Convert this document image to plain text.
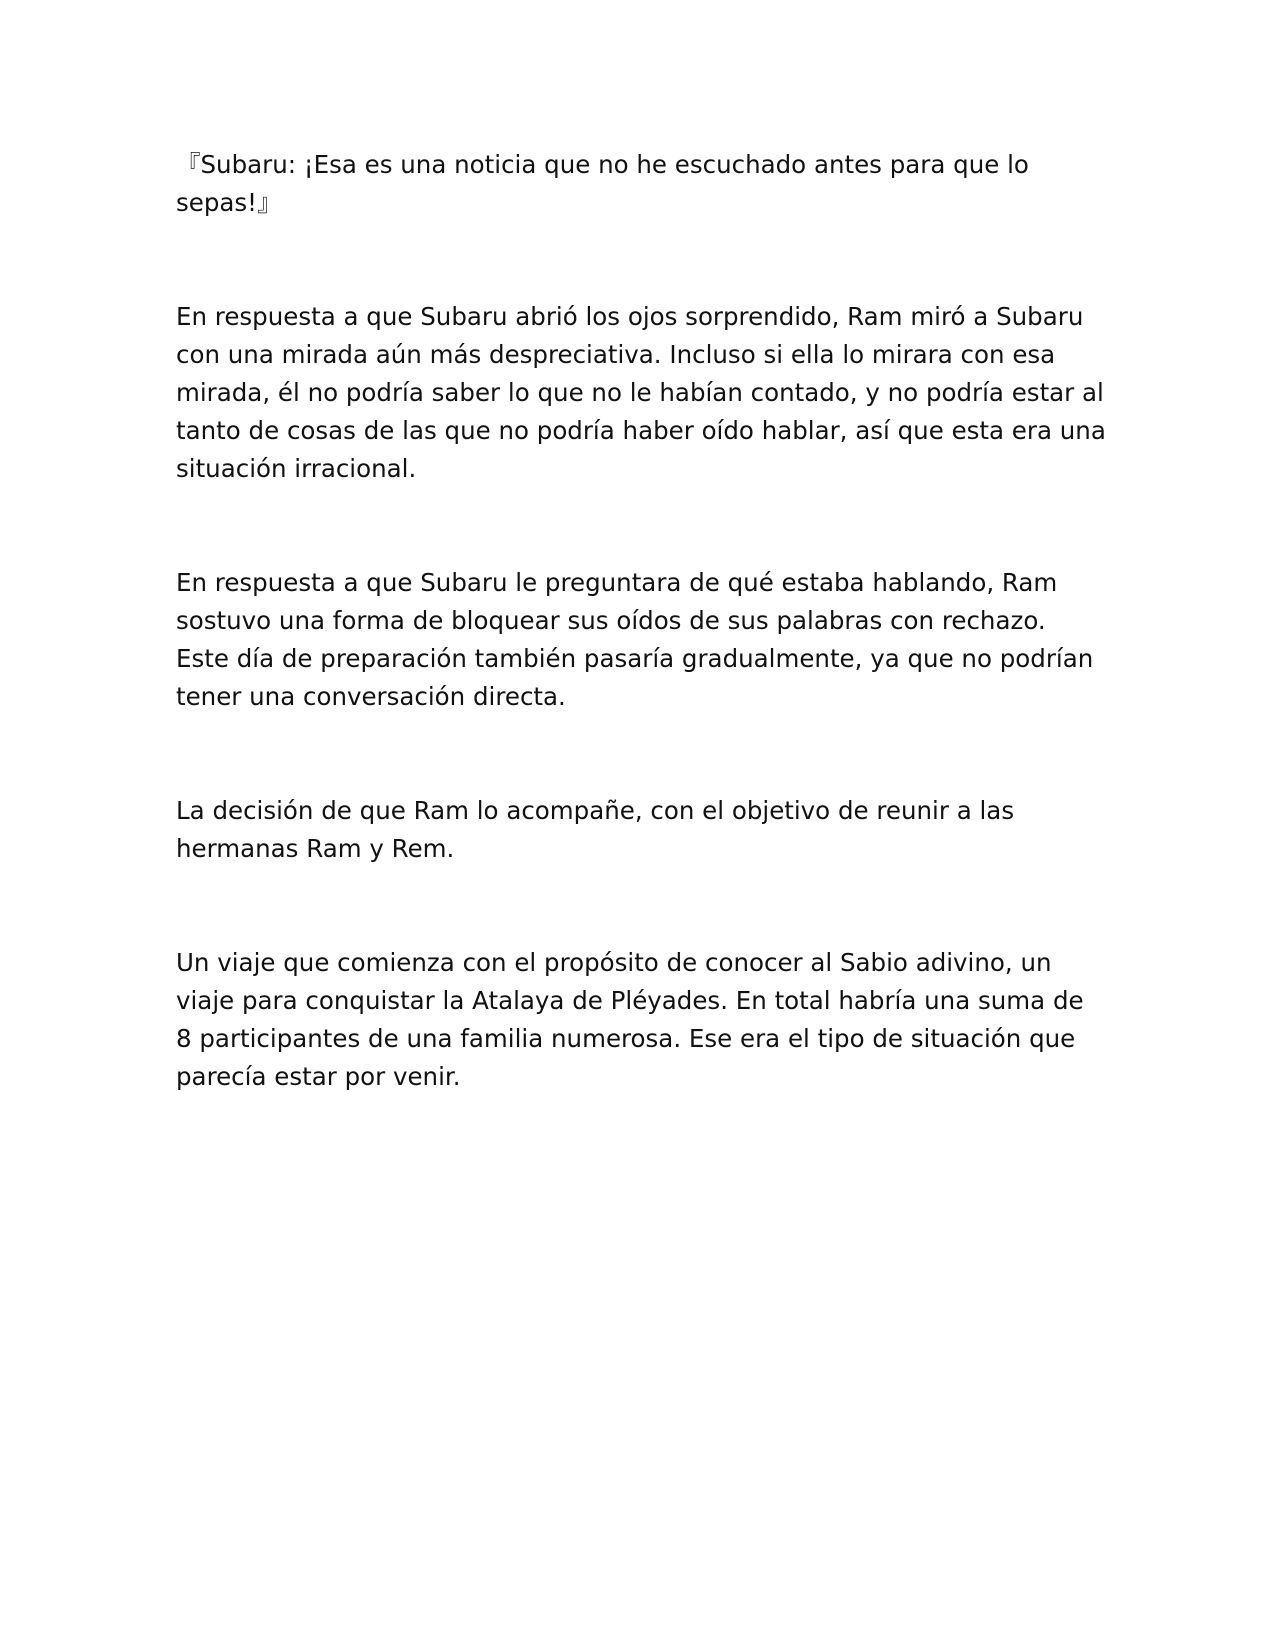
『Subaru: ¡Esa es una noticia que no he escuchado antes para que lo sepas!』

En respuesta a que Subaru abrió los ojos sorprendido, Ram miró a Subaru con una mirada aún más despreciativa. Incluso si ella lo mirara con esa mirada, él no podría saber lo que no le habían contado, y no podría estar al tanto de cosas de las que no podría haber oído hablar, así que esta era una situación irracional.

En respuesta a que Subaru le preguntara de qué estaba hablando, Ram sostuvo una forma de bloquear sus oídos de sus palabras con rechazo. Este día de preparación también pasaría gradualmente, ya que no podrían tener una conversación directa.

La decisión de que Ram lo acompañe, con el objetivo de reunir a las hermanas Ram y Rem.

Un viaje que comienza con el propósito de conocer al Sabio adivino, un viaje para conquistar la Atalaya de Pléyades. En total habría una suma de 8 participantes de una familia numerosa. Ese era el tipo de situación que parecía estar por venir.
